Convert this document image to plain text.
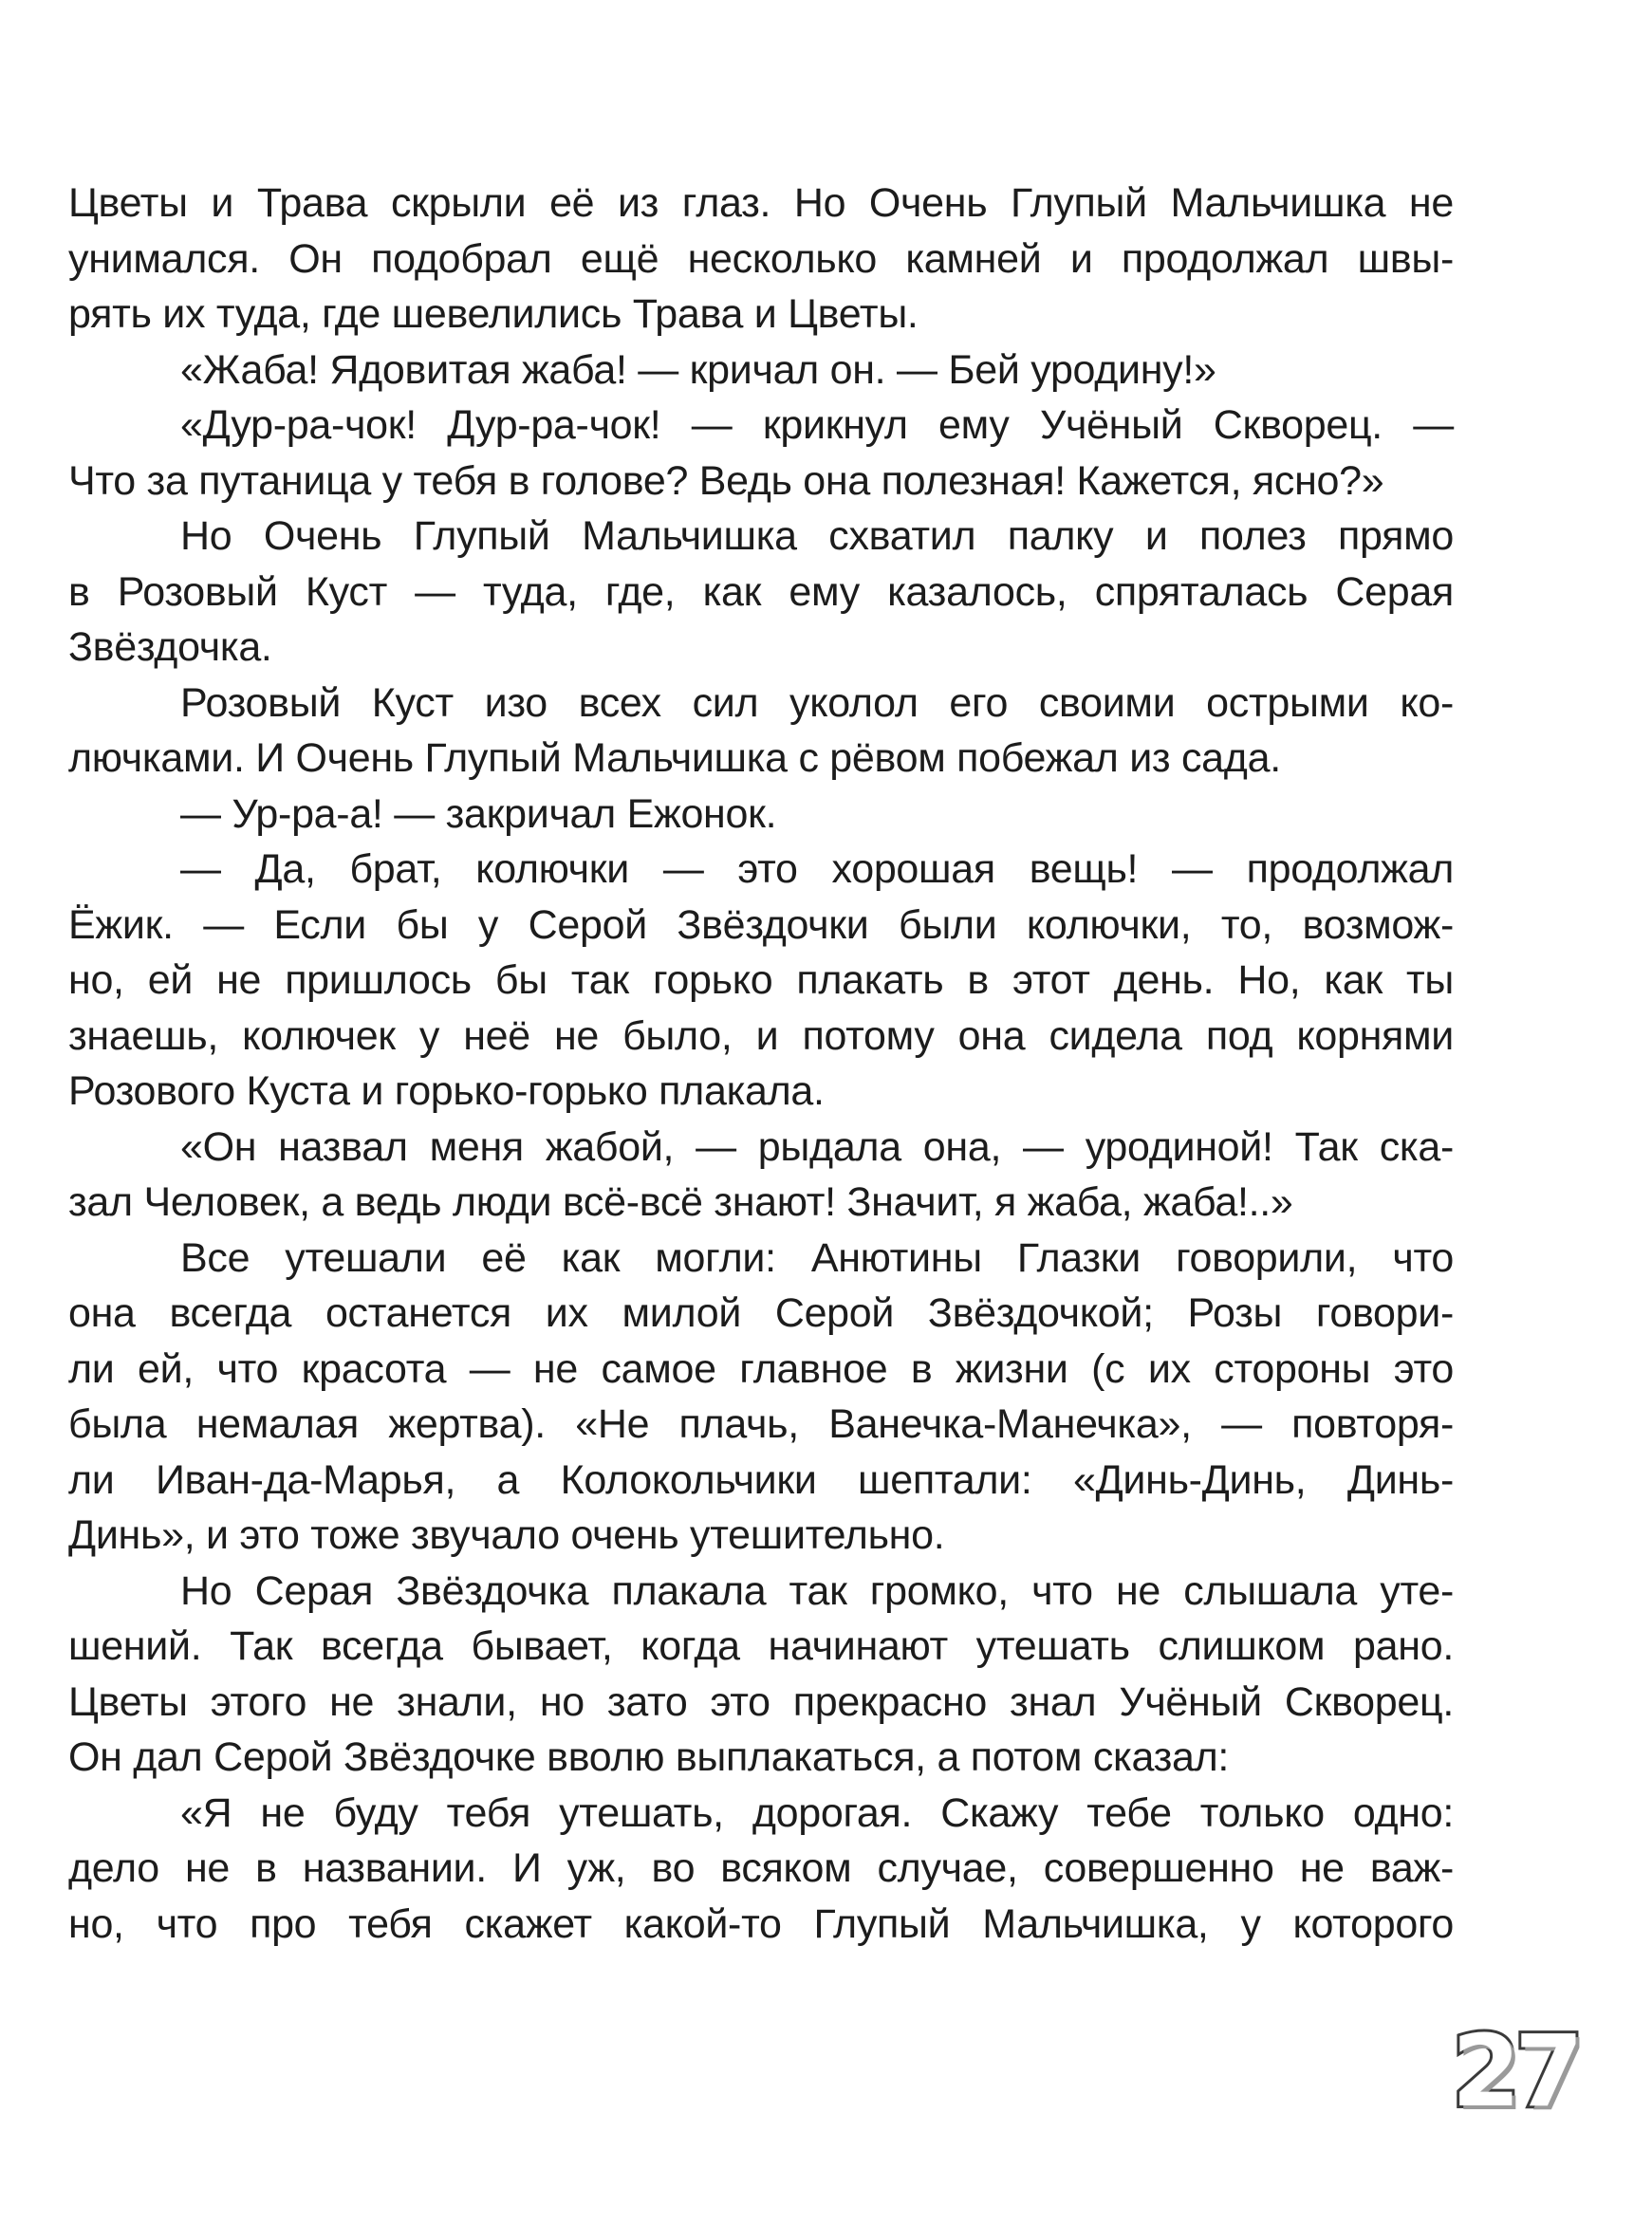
Цветы и Трава скрыли её из глаз. Но Очень Глупый Мальчишка не
унимался. Он подобрал ещё несколько камней и продолжал швы-
рять их туда, где шевелились Трава и Цветы.
«Жаба! Ядовитая жаба! — кричал он. — Бей уродину!»
«Дур-ра-чок! Дур-ра-чок! — крикнул ему Учёный Скворец. —
Что за путаница у тебя в голове? Ведь она полезная! Кажется, ясно?»
Но Очень Глупый Мальчишка схватил палку и полез прямо
в Розовый Куст — туда, где, как ему казалось, спряталась Серая
Звёздочка.
Розовый Куст изо всех сил уколол его своими острыми ко-
лючками. И Очень Глупый Мальчишка с рёвом побежал из сада.
— Ур-ра-а! — закричал Ежонок.
— Да, брат, колючки — это хорошая вещь! — продолжал
Ёжик. — Если бы у Серой Звёздочки были колючки, то, возмож-
но, ей не пришлось бы так горько плакать в этот день. Но, как ты
знаешь, колючек у неё не было, и потому она сидела под корнями
Розового Куста и горько-горько плакала.
«Он назвал меня жабой, — рыдала она, — уродиной! Так ска-
зал Человек, а ведь люди всё-всё знают! Значит, я жаба, жаба!..»
Все утешали её как могли: Анютины Глазки говорили, что
она всегда останется их милой Серой Звёздочкой; Розы говори-
ли ей, что красота — не самое главное в жизни (с их стороны это
была немалая жертва). «Не плачь, Ванечка-Манечка», — повторя-
ли Иван-да-Марья, а Колокольчики шептали: «Динь-Динь, Динь-
Динь», и это тоже звучало очень утешительно.
Но Серая Звёздочка плакала так громко, что не слышала уте-
шений. Так всегда бывает, когда начинают утешать слишком рано.
Цветы этого не знали, но зато это прекрасно знал Учёный Скворец.
Он дал Серой Звёздочке вволю выплакаться, а потом сказал:
«Я не буду тебя утешать, дорогая. Скажу тебе только одно:
дело не в названии. И уж, во всяком случае, совершенно не важ-
но, что про тебя скажет какой-то Глупый Мальчишка, у которого
27
